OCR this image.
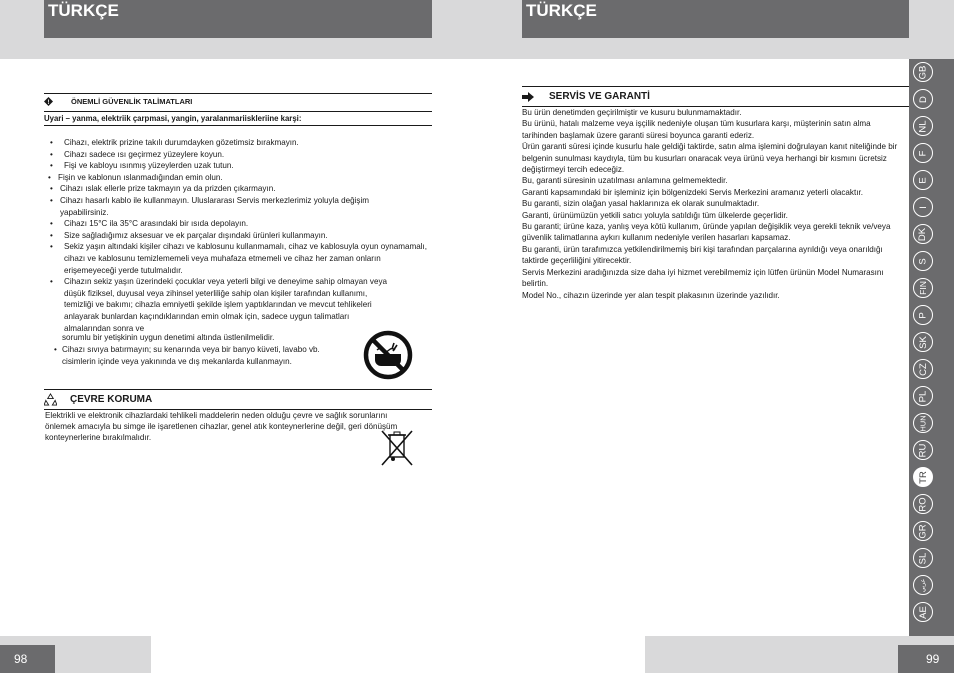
TÜRKÇE	TÜRKÇE
!	ÖNEMLİ GÜVENLİK TALİMATLARI
Uyari – yanma, elektriik çarpmasi, yangin, yaralanmariiskleriine karşi:
• Cihazı, elektrik prizine takılı durumdayken gözetimsiz bırakmayın.
• Cihazı sadece ısı geçirmez yüzeylere koyun.
• Fişi ve kabloyu ısınmış yüzeylerden uzak tutun.
• Fişin ve kablonun ıslanmadığından emin olun.
• Cihazı ıslak ellerle prize takmayın ya da prizden çıkarmayın.
• Cihazı hasarlı kablo ile kullanmayın. Uluslararası Servis merkezlerimiz yoluyla değişim yapabilirsiniz.
• Cihazı 15°C ila 35°C arasındaki bir ısıda depolayın.
• Size sağladığımız aksesuar ve ek parçalar dışındaki ürünleri kullanmayın.
• Sekiz yaşın altındaki kişiler cihazı ve kablosunu kullanmamalı, cihaz ve kablosuyla oyun oynamamalı, cihazı ve kablosunu temizlememeli veya muhafaza etmemeli ve cihaz her zaman onların erişemeyeceği yerde tutulmalıdır.
• Cihazın sekiz yaşın üzerindeki çocuklar veya yeterli bilgi ve deneyime sahip olmayan veya düşük fiziksel, duyusal veya zihinsel yeterliliğe sahip olan kişiler tarafından kullanımı, temizliği ve bakımı; cihazla emniyetli şekilde işlem yaptıklarından ve mevcut tehlikeleri anlayarak bunlardan kaçındıklarından emin olmak için, sadece uygun talimatları almalarından sonra ve
sorumlu bir yetişkinin uygun denetimi altında üstlenilmelidir.
• Cihazı sıvıya batırmayın; su kenarında veya bir banyo küveti, lavabo vb. cisimlerin içinde veya yakınında ve dış mekanlarda kullanmayın.
ÇEVRE KORUMA
Elektrikli ve elektronik cihazlardaki tehlikeli maddelerin neden olduğu çevre ve sağlık sorunlarını önlemek amacıyla bu simge ile işaretlenen cihazlar, genel atık konteynerlerine değil, geri dönüşüm konteynerlerine bırakılmalıdır.
SERVİS VE GARANTİ

Bu ürün denetimden geçirilmiştir ve kusuru bulunmamaktadır.

Bu ürünü, hatalı malzeme veya işçilik nedeniyle oluşan tüm kusurlara karşı, müşterinin satın alma tarihinden başlamak üzere garanti süresi boyunca garanti ederiz.

Ürün garanti süresi içinde kusurlu hale geldiği taktirde, satın alma işlemini doğrulayan kanıt niteliğinde bir belgenin sunulması kaydıyla, tüm bu kusurları onaracak veya ürünü veya herhangi bir kısmını ücretsiz değiştirmeyi tercih edeceğiz.

Bu, garanti süresinin uzatılması anlamına gelmemektedir.

Garanti kapsamındaki bir işleminiz için bölgenizdeki Servis Merkezini aramanız yeterli olacaktır.

Bu garanti, sizin olağan yasal haklarınıza ek olarak sunulmaktadır.

Garanti, ürünümüzün yetkili satıcı yoluyla satıldığı tüm ülkelerde geçerlidir.

Bu garanti; ürüne kaza, yanlış veya kötü kullanım, üründe yapılan değişiklik veya gerekli teknik ve/veya güvenlik talimatlarına aykırı kullanım nedeniyle verilen hasarları kapsamaz.

Bu garanti, ürün tarafımızca yetkilendirilmemiş biri kişi tarafından parçalarına ayrıldığı veya onarıldığı taktirde geçerliliğini yitirecektir.

Servis Merkezini aradığınızda size daha iyi hizmet verebilmemiz için lütfen ürünün Model Numarasını belirtin.

Model No., cihazın üzerinde yer alan tespit plakasının üzerinde yazılıdır.

GB
D
NL
F
E
I
DK
S
FIN
P
SK
CZ
PL
HUN
RU
TR
RO
GR
SL
ﻋﺮﺑﻲ
AE
98	99
